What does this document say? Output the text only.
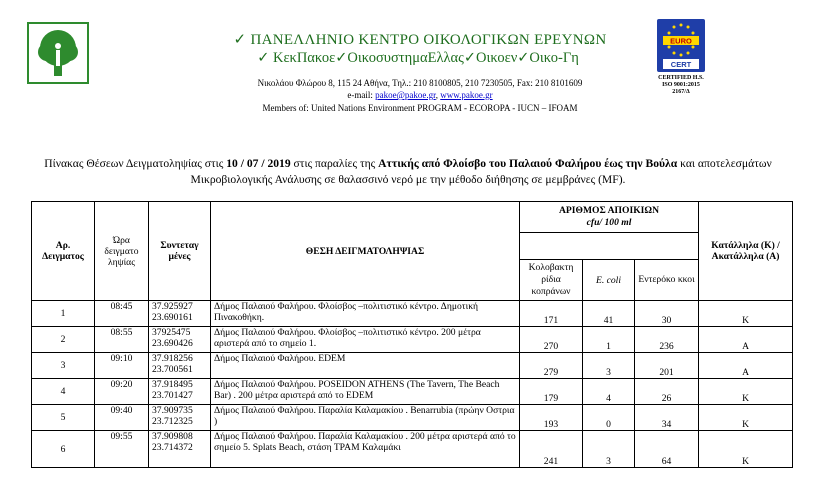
✓ ΠΑΝΕΛΛΗΝΙΟ ΚΕΝΤΡΟ ΟΙΚΟΛΟΓΙΚΩΝ ΕΡΕΥΝΩΝ
✓ ΚεκΠακοε✓ΟικοσυστημαΕλλας✓Οικοεν✓Οικο-Γη
Νικολάου Φλώρου 8, 115 24 Αθήνα, Τηλ.: 210 8100805, 210 7230505, Fax: 210 8101609
e-mail: pakoe@pakoe.gr, www.pakoe.gr
Members of: United Nations Environment PROGRAM - ECOROPA - IUCN – IFOAM
EURO
CERT
CERTIFIED H.S.
ISO 9001:2015
2167/Δ
Πίνακας Θέσεων Δειγματοληψίας στις 10 / 07 / 2019 στις παραλίες της Αττικής από Φλοίσβο του Παλαιού Φαλήρου έως την Βούλα και αποτελεσμάτων Μικροβιολογικής Ανάλυσης σε θαλασσινό νερό με την μέθοδο διήθησης σε μεμβράνες (MF).
Αρ. Δειγματος	Ώρα δειγματο ληψίας	Συντεταγ μένες	ΘΕΣΗ ΔΕΙΓΜΑΤΟΛΗΨΙΑΣ	ΑΡΙΘΜΟΣ ΑΠΟΙΚΙΩΝ
cfu/ 100 ml			Κατάλληλα (Κ) / Ακατάλληλα (Α)

				Κολοβακτη ρίδια κοπράνων	E. coli	Εντερόκο κκοι	
1	08:45	37.925927
23.690161	Δήμος Παλαιού Φαλήρου. Φλοίσβος –πολιτιστικό κέντρο. Δημοτική Πινακοθήκη.	171	41	30	Κ
2	08:55	37925475
23.690426	Δήμος Παλαιού Φαλήρου. Φλοίσβος –πολιτιστικό κέντρο. 200 μέτρα αριστερά από το σημείο 1.	270	1	236	Α
3	09:10	37.918256
23.700561	Δήμος Παλαιού Φαλήρου. EDEM	279	3	201	Α
4	09:20	37.918495
23.701427	Δήμος Παλαιού Φαλήρου. POSEIDON ATHENS (The Tavern, The Beach Bar) . 200 μέτρα αριστερά από το EDEM	179	4	26	Κ
5	09:40	37.909735
23.712325	Δήμος Παλαιού Φαλήρου. Παραλία Καλαμακίου . Benarrubia (πρώην Οστρια )	193	0	34	Κ
6	09:55	37.909808
23.714372	Δήμος Παλαιού Φαλήρου. Παραλία Καλαμακίου . 200 μέτρα αριστερά από το σημείο 5. Splats Beach, στάση ΤΡΑΜ Καλαμάκι	241	3	64	Κ
